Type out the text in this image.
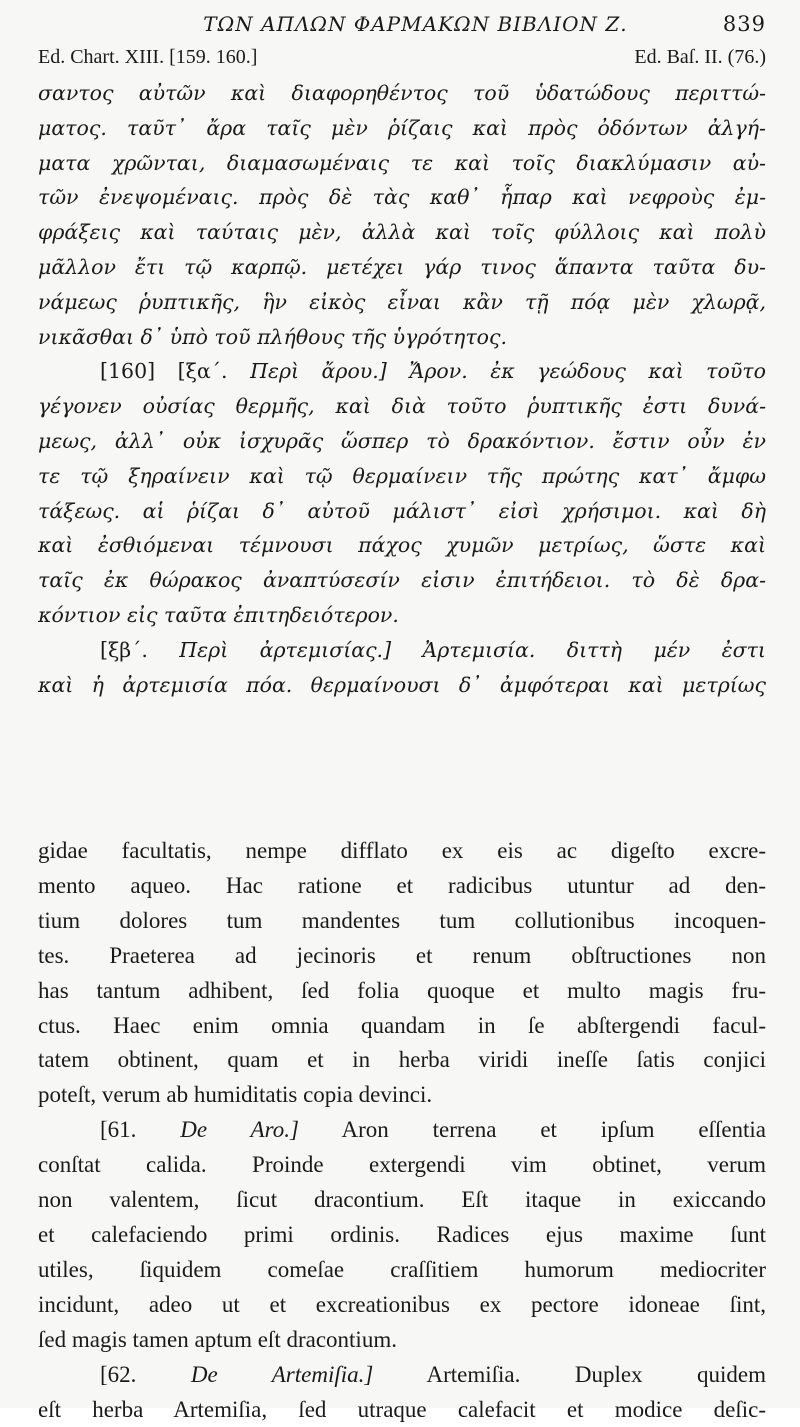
ΤΩΝ ΑΠΛΩΝ ΦΑΡΜΑΚΩΝ ΒΙΒΛΙΟΝ Ζ.	839
Ed. Chart. XIII. [159. 160.]	Ed. Baſ. II. (76.)

σαντος αὐτῶν καὶ διαφορηθέντος τοῦ ὑδατώδους περιττώ-
ματος. ταῦτ᾽ ἄρα ταῖς μὲν ῥίζαις καὶ πρὸς ὀδόντων ἀλγή-
ματα χρῶνται, διαμασωμέναις τε καὶ τοῖς διακλύμασιν αὐ-
τῶν ἐνεψομέναις. πρὸς δὲ τὰς καθ᾽ ἧπαρ καὶ νεφροὺς ἐμ-
φράξεις καὶ ταύταις μὲν, ἀλλὰ καὶ τοῖς φύλλοις καὶ πολὺ
μᾶλλον ἔτι τῷ καρπῷ. μετέχει γάρ τινος ἅπαντα ταῦτα δυ-
νάμεως ῥυπτικῆς, ἣν εἰκὸς εἶναι κἂν τῇ πόᾳ μὲν χλωρᾷ,
νικᾶσθαι δ᾽ ὑπὸ τοῦ πλήθους τῆς ὑγρότητος.

[160] [ξα΄. Περὶ ἄρου.] Ἄρον. ἐκ γεώδους καὶ τοῦτο
γέγονεν οὐσίας θερμῆς, καὶ διὰ τοῦτο ῥυπτικῆς ἐστι δυνά-
μεως, ἀλλ᾽ οὐκ ἰσχυρᾶς ὥσπερ τὸ δρακόντιον. ἔστιν οὖν ἐν
τε τῷ ξηραίνειν καὶ τῷ θερμαίνειν τῆς πρώτης κατ᾽ ἄμφω
τάξεως. αἱ ῥίζαι δ᾽ αὐτοῦ μάλιστ᾽ εἰσὶ χρήσιμοι. καὶ δὴ
καὶ ἐσθιόμεναι τέμνουσι πάχος χυμῶν μετρίως, ὥστε καὶ
ταῖς ἐκ θώρακος ἀναπτύσεσίν εἰσιν ἐπιτήδειοι. τὸ δὲ δρα-
κόντιον εἰς ταῦτα ἐπιτηδειότερον.

[ξβ΄. Περὶ ἀρτεμισίας.] Ἀρτεμισία. διττὴ μέν ἐστι
καὶ ἡ ἀρτεμισία πόα. θερμαίνουσι δ᾽ ἀμφότεραι καὶ μετρίως

gidae facultatis, nempe difflato ex eis ac digeſto excre-
mento aqueo. Hac ratione et radicibus utuntur ad den-
tium dolores tum mandentes tum collutionibus incoquen-
tes. Praeterea ad jecinoris et renum obſtructiones non
has tantum adhibent, ſed folia quoque et multo magis fru-
ctus. Haec enim omnia quandam in ſe abſtergendi facul-
tatem obtinent, quam et in herba viridi ineſſe ſatis conjici
poteſt, verum ab humiditatis copia devinci.

[61. De Aro.] Aron terrena et ipſum eſſentia
conſtat calida. Proinde extergendi vim obtinet, verum
non valentem, ſicut dracontium. Eſt itaque in exiccando
et calefaciendo primi ordinis. Radices ejus maxime ſunt
utiles, ſiquidem comeſae craſſitiem humorum mediocriter
incidunt, adeo ut et excreationibus ex pectore idoneae ſint,
ſed magis tamen aptum eſt dracontium.

[62. De Artemiſia.] Artemiſia. Duplex quidem
eſt herba Artemiſia, ſed utraque calefacit et modice deſic-
